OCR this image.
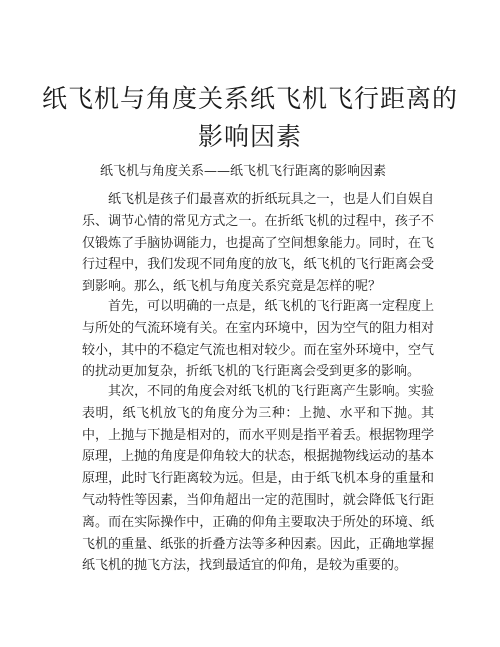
纸飞机与角度关系纸飞机飞行距离的影响因素

纸飞机与角度关系——纸飞机飞行距离的影响因素

纸飞机是孩子们最喜欢的折纸玩具之一，也是人们自娱自乐、调节心情的常见方式之一。在折纸飞机的过程中，孩子不仅锻炼了手脑协调能力，也提高了空间想象能力。同时，在飞行过程中，我们发现不同角度的放飞，纸飞机的飞行距离会受到影响。那么，纸飞机与角度关系究竟是怎样的呢？

首先，可以明确的一点是，纸飞机的飞行距离一定程度上与所处的气流环境有关。在室内环境中，因为空气的阻力相对较小，其中的不稳定气流也相对较少。而在室外环境中，空气的扰动更加复杂，折纸飞机的飞行距离会受到更多的影响。

其次，不同的角度会对纸飞机的飞行距离产生影响。实验表明，纸飞机放飞的角度分为三种：上抛、水平和下抛。其中，上抛与下抛是相对的，而水平则是指平着丢。根据物理学原理，上抛的角度是仰角较大的状态，根据抛物线运动的基本原理，此时飞行距离较为远。但是，由于纸飞机本身的重量和气动特性等因素，当仰角超出一定的范围时，就会降低飞行距离。而在实际操作中，正确的仰角主要取决于所处的环境、纸飞机的重量、纸张的折叠方法等多种因素。因此，正确地掌握纸飞机的抛飞方法，找到最适宜的仰角，是较为重要的。
